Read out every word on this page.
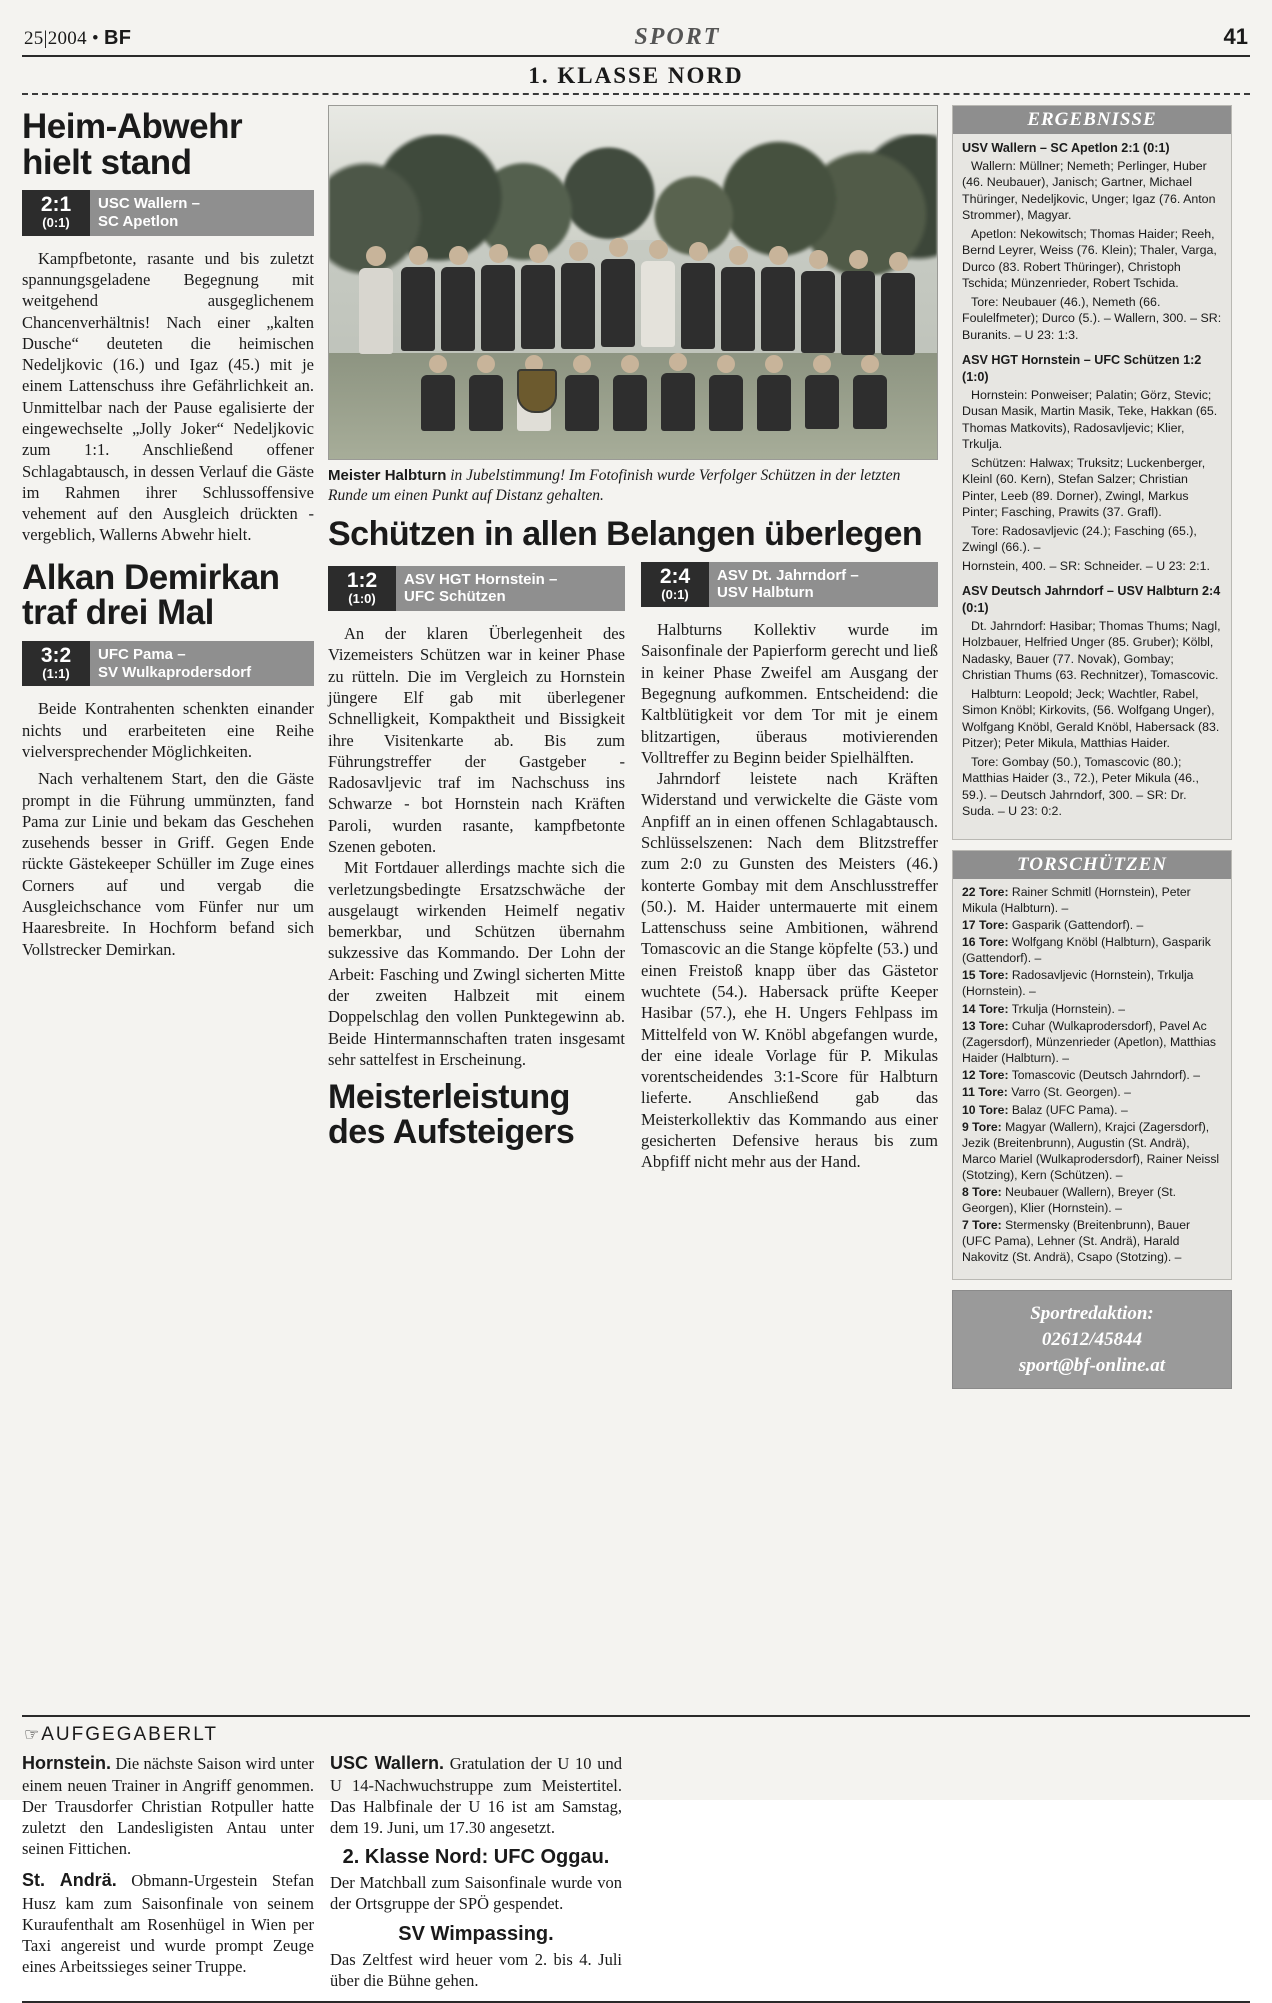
25|2004 • BF	SPORT	41
1. KLASSE NORD
Heim-Abwehr hielt stand
2:1
(0:1)
USC Wallern –
SC Apetlon

Kampfbetonte, rasante und bis zuletzt spannungsgeladene Begegnung mit weitgehend ausgeglichenem Chancenverhältnis! Nach einer „kalten Dusche“ deuteten die heimischen Nedeljkovic (16.) und Igaz (45.) mit je einem Lattenschuss ihre Gefährlichkeit an. Unmittelbar nach der Pause egalisierte der eingewechselte „Jolly Joker“ Nedeljkovic zum 1:1. Anschließend offener Schlagabtausch, in dessen Verlauf die Gäste im Rahmen ihrer Schlussoffensive vehement auf den Ausgleich drückten - vergeblich, Wallerns Abwehr hielt.

Alkan Demirkan traf drei Mal
3:2
(1:1)
UFC Pama –
SV Wulkaprodersdorf

Beide Kontrahenten schenkten einander nichts und erarbeiteten eine Reihe vielversprechender Möglichkeiten.

Nach verhaltenem Start, den die Gäste prompt in die Führung ummünzten, fand Pama zur Linie und bekam das Geschehen zusehends besser in Griff. Gegen Ende rückte Gästekeeper Schüller im Zuge eines Corners auf und vergab die Ausgleichschance vom Fünfer nur um Haaresbreite. In Hochform befand sich Vollstrecker Demirkan.

Meister Halbturn in Jubelstimmung! Im Fotofinish wurde Verfolger Schützen in der letzten Runde um einen Punkt auf Distanz gehalten.
Schützen in allen Belangen überlegen
1:2
(1:0)
ASV HGT Hornstein –
UFC Schützen

An der klaren Überlegenheit des Vizemeisters Schützen war in keiner Phase zu rütteln. Die im Vergleich zu Hornstein jüngere Elf gab mit überlegener Schnelligkeit, Kompaktheit und Bissigkeit ihre Visitenkarte ab. Bis zum Führungstreffer der Gastgeber - Radosavljevic traf im Nachschuss ins Schwarze - bot Hornstein nach Kräften Paroli, wurden rasante, kampfbetonte Szenen geboten.

Mit Fortdauer allerdings machte sich die verletzungsbedingte Ersatzschwäche der ausgelaugt wirkenden Heimelf negativ bemerkbar, und Schützen übernahm sukzessive das Kommando. Der Lohn der Arbeit: Fasching und Zwingl sicherten Mitte der zweiten Halbzeit mit einem Doppelschlag den vollen Punktegewinn ab. Beide Hintermannschaften traten insgesamt sehr sattelfest in Erscheinung.

Meisterleistung des Aufsteigers
2:4
(0:1)
ASV Dt. Jahrndorf –
USV Halbturn

Halbturns Kollektiv wurde im Saisonfinale der Papierform gerecht und ließ in keiner Phase Zweifel am Ausgang der Begegnung aufkommen. Entscheidend: die Kaltblütigkeit vor dem Tor mit je einem blitzartigen, überaus motivierenden Volltreffer zu Beginn beider Spielhälften.

Jahrndorf leistete nach Kräften Widerstand und verwickelte die Gäste vom Anpfiff an in einen offenen Schlagabtausch. Schlüsselszenen: Nach dem Blitzstreffer zum 2:0 zu Gunsten des Meisters (46.) konterte Gombay mit dem Anschlusstreffer (50.). M. Haider untermauerte mit einem Lattenschuss seine Ambitionen, während Tomascovic an die Stange köpfelte (53.) und einen Freistoß knapp über das Gästetor wuchtete (54.). Habersack prüfte Keeper Hasibar (57.), ehe H. Ungers Fehlpass im Mittelfeld von W. Knöbl abgefangen wurde, der eine ideale Vorlage für P. Mikulas vorentscheidendes 3:1-Score für Halbturn lieferte. Anschließend gab das Meisterkollektiv das Kommando aus einer gesicherten Defensive heraus bis zum Abpfiff nicht mehr aus der Hand.

ERGEBNISSE
USV Wallern – SC Apetlon 2:1 (0:1)
Wallern: Müllner; Nemeth; Perlinger, Huber (46. Neubauer), Janisch; Gartner, Michael Thüringer, Nedeljkovic, Unger; Igaz (76. Anton Strommer), Magyar.
Apetlon: Nekowitsch; Thomas Haider; Reeh, Bernd Leyrer, Weiss (76. Klein); Thaler, Varga, Durco (83. Robert Thüringer), Christoph Tschida; Münzenrieder, Robert Tschida.
Tore: Neubauer (46.), Nemeth (66. Foulelfmeter); Durco (5.). – Wallern, 300. – SR: Buranits. – U 23: 1:3.
ASV HGT Hornstein – UFC Schützen 1:2 (1:0)
Hornstein: Ponweiser; Palatin; Görz, Stevic; Dusan Masik, Martin Masik, Teke, Hakkan (65. Thomas Matkovits), Radosavljevic; Klier, Trkulja.
Schützen: Halwax; Truksitz; Luckenberger, Kleinl (60. Kern), Stefan Salzer; Christian Pinter, Leeb (89. Dorner), Zwingl, Markus Pinter; Fasching, Prawits (37. Grafl).
Tore: Radosavljevic (24.); Fasching (65.), Zwingl (66.). –
Hornstein, 400. – SR: Schneider. – U 23: 2:1.
ASV Deutsch Jahrndorf – USV Halbturn 2:4 (0:1)
Dt. Jahrndorf: Hasibar; Thomas Thums; Nagl, Holzbauer, Helfried Unger (85. Gruber); Kölbl, Nadasky, Bauer (77. Novak), Gombay; Christian Thums (63. Rechnitzer), Tomascovic.
Halbturn: Leopold; Jeck; Wachtler, Rabel, Simon Knöbl; Kirkovits, (56. Wolfgang Unger), Wolfgang Knöbl, Gerald Knöbl, Habersack (83. Pitzer); Peter Mikula, Matthias Haider.
Tore: Gombay (50.), Tomascovic (80.); Matthias Haider (3., 72.), Peter Mikula (46., 59.). – Deutsch Jahrndorf, 300. – SR: Dr. Suda. – U 23: 0:2.
TORSCHÜTZEN
22 Tore: Rainer Schmitl (Hornstein), Peter Mikula (Halbturn). –
17 Tore: Gasparik (Gattendorf). –
16 Tore: Wolfgang Knöbl (Halbturn), Gasparik (Gattendorf). –
15 Tore: Radosavljevic (Hornstein), Trkulja (Hornstein). –
14 Tore: Trkulja (Hornstein). –
13 Tore: Cuhar (Wulkaprodersdorf), Pavel Ac (Zagersdorf), Münzenrieder (Apetlon), Matthias Haider (Halbturn). –
12 Tore: Tomascovic (Deutsch Jahrndorf). –
11 Tore: Varro (St. Georgen). –
10 Tore: Balaz (UFC Pama). –
9 Tore: Magyar (Wallern), Krajci (Zagersdorf), Jezik (Breitenbrunn), Augustin (St. Andrä), Marco Mariel (Wulkaprodersdorf), Rainer Neissl (Stotzing), Kern (Schützen). –
8 Tore: Neubauer (Wallern), Breyer (St. Georgen), Klier (Hornstein). –
7 Tore: Stermensky (Breitenbrunn), Bauer (UFC Pama), Lehner (St. Andrä), Harald Nakovitz (St. Andrä), Csapo (Stotzing). –
Sportredaktion:
02612/45844
sport@bf-online.at
☞AUFGEGABERLT

Hornstein. Die nächste Saison wird unter einem neuen Trainer in Angriff genommen. Der Trausdorfer Christian Rotpuller hatte zuletzt den Landesligisten Antau unter seinen Fittichen.

St. Andrä. Obmann-Urgestein Stefan Husz kam zum Saisonfinale von seinem Kuraufenthalt am Rosenhügel in Wien per Taxi angereist und wurde prompt Zeuge eines Arbeitssieges seiner Truppe.

USC Wallern. Gratulation der U 10 und U 14-Nachwuchstruppe zum Meistertitel. Das Halbfinale der U 16 ist am Samstag, dem 19. Juni, um 17.30 angesetzt.

2. Klasse Nord: UFC Oggau.

Der Matchball zum Saisonfinale wurde von der Ortsgruppe der SPÖ gespendet.

SV Wimpassing.

Das Zeltfest wird heuer vom 2. bis 4. Juli über die Bühne gehen.
